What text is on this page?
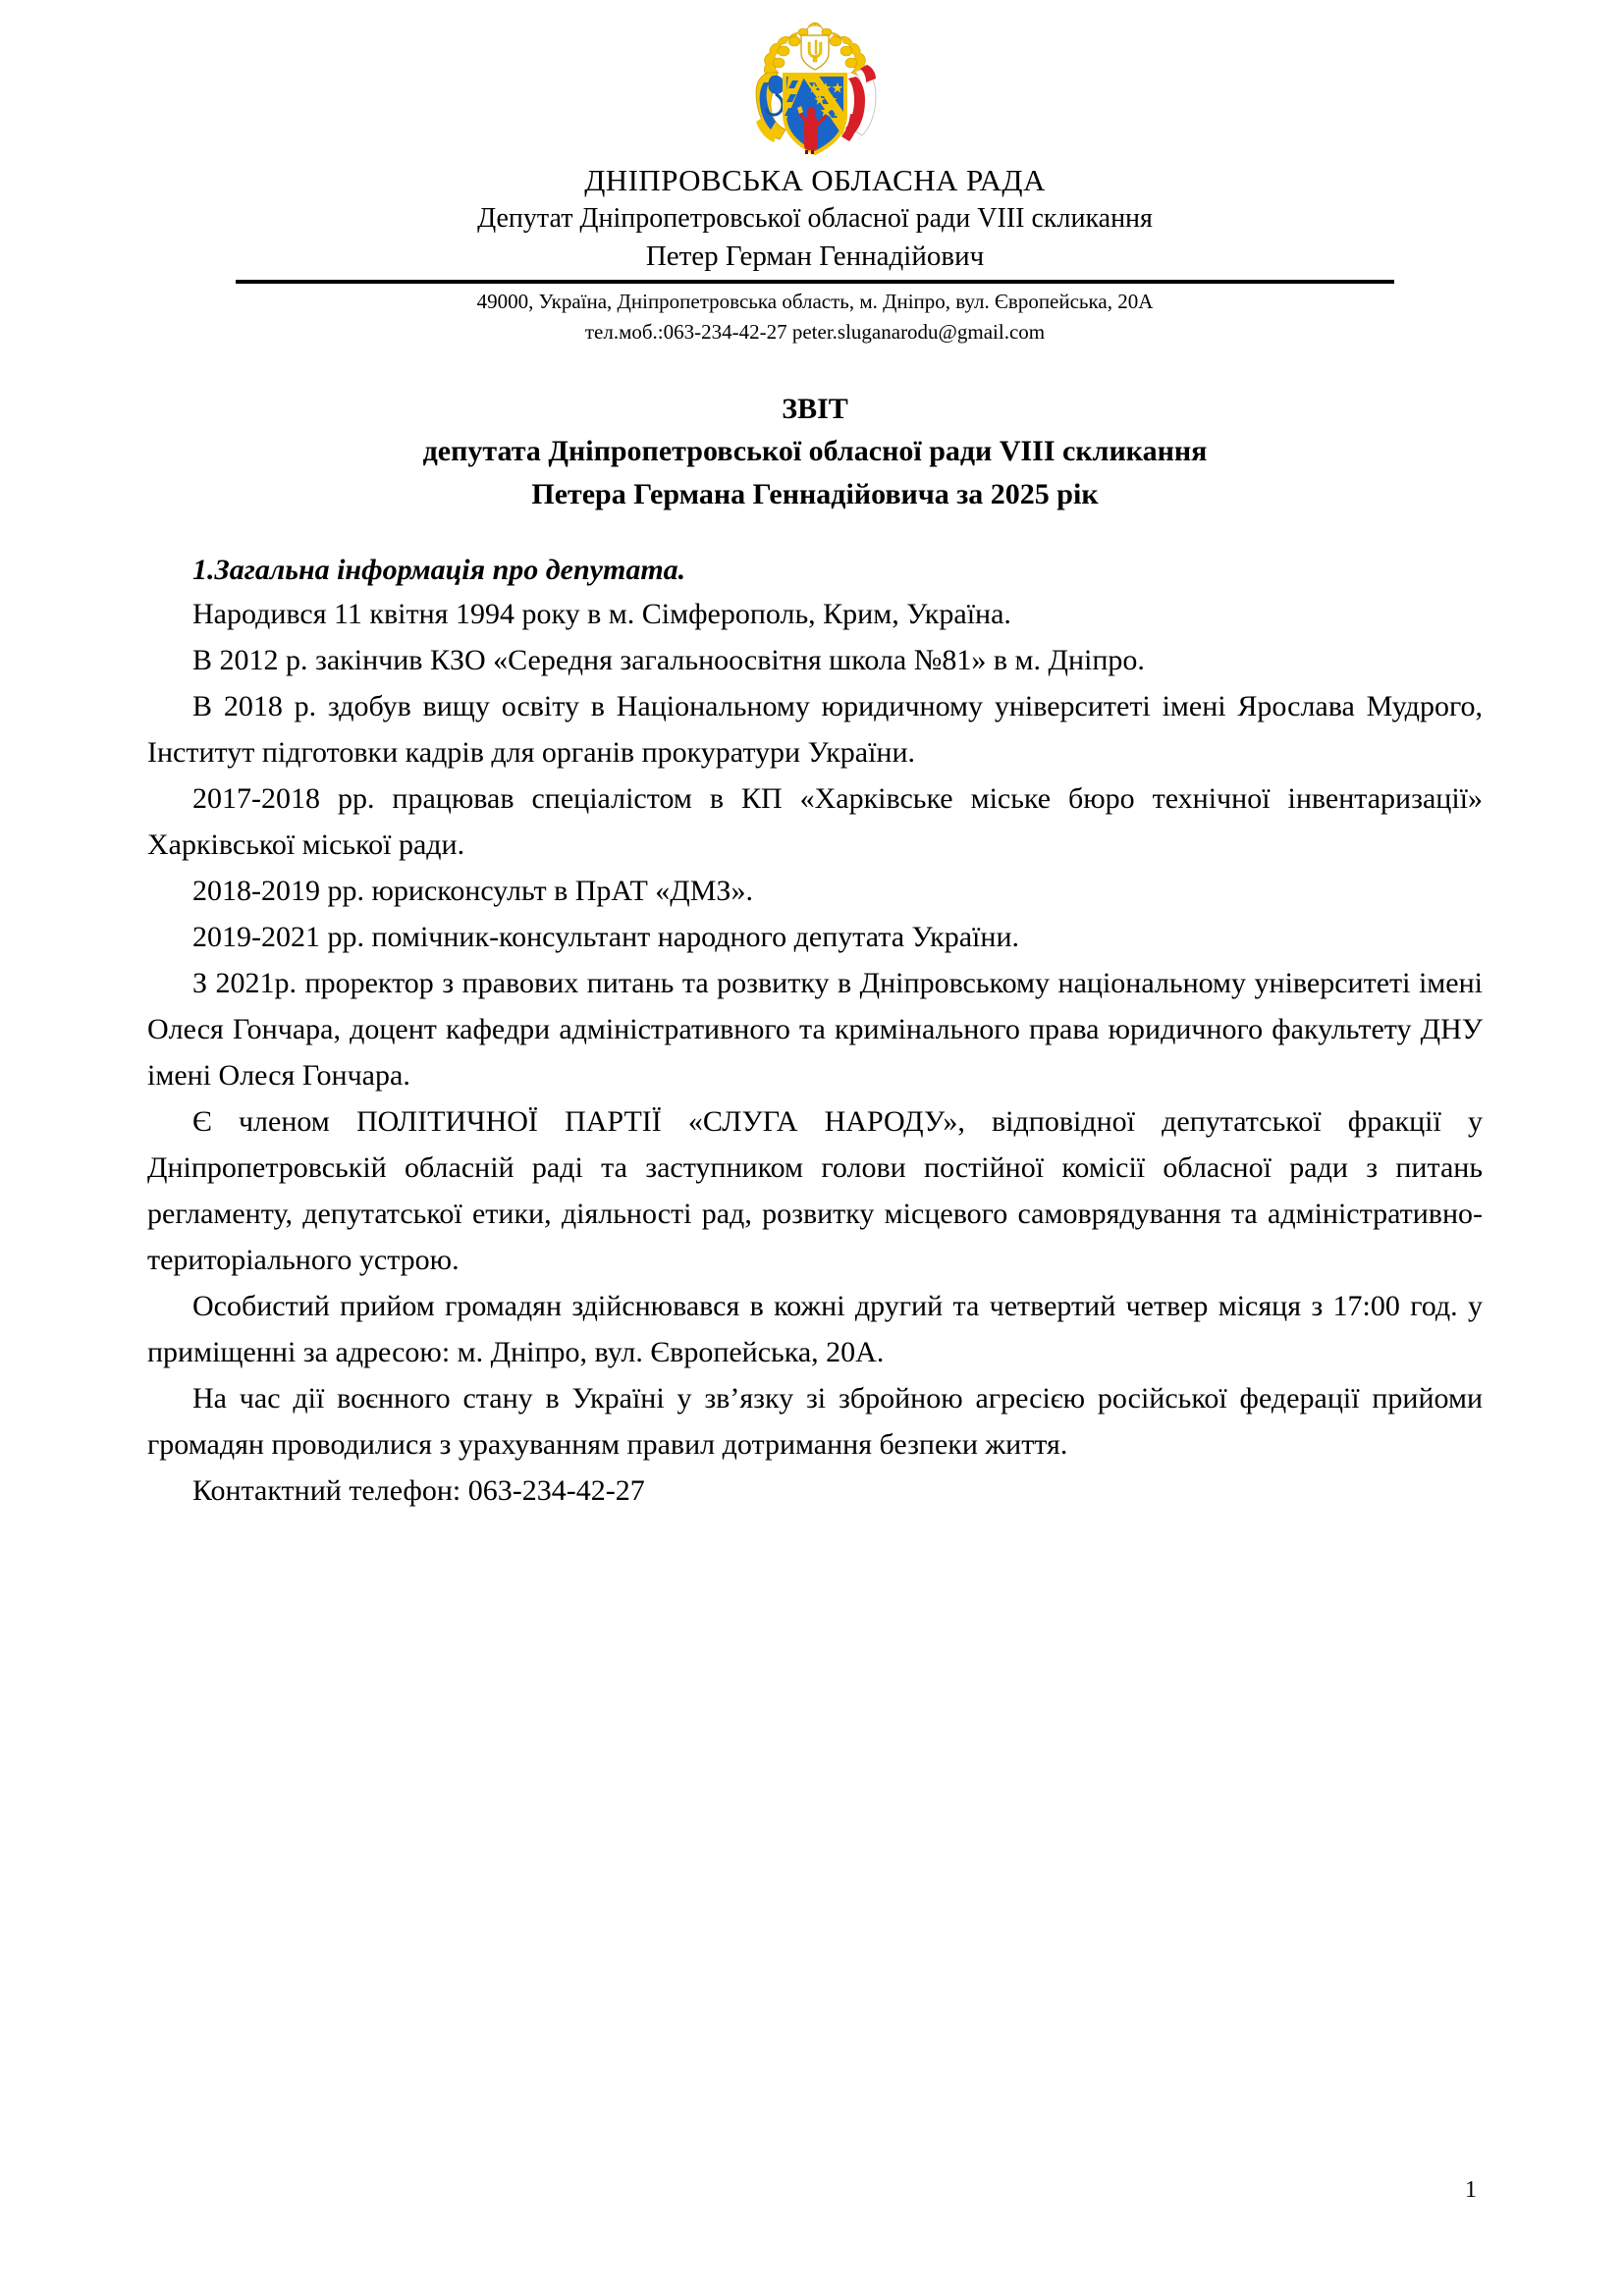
ДНІПРОВСЬКА ОБЛАСНА РАДА
Депутат Дніпропетровської обласної ради VIII скликання
Петер Герман Геннадійович
49000, Україна, Дніпропетровська область, м. Дніпро, вул. Європейська, 20А
тел.моб.:063-234-42-27 peter.sluganarodu@gmail.com
ЗВІТ
депутата Дніпропетровської обласної ради VIII скликання
Петера Германа Геннадійовича за 2025 рік
1.Загальна інформація про депутата.

Народився 11 квітня 1994 року в м. Сімферополь, Крим, Україна.

В 2012 р. закінчив КЗО «Середня загальноосвітня школа №81» в м. Дніпро.

В 2018 р. здобув вищу освіту в Національному юридичному університеті імені Ярослава Мудрого, Інститут підготовки кадрів для органів прокуратури України.

2017-2018 рр. працював спеціалістом в КП «Харківське міське бюро технічної інвентаризації» Харківської міської ради.

2018-2019 рр. юрисконсульт в ПрАТ «ДМЗ».

2019-2021 рр. помічник-консультант народного депутата України.

З 2021р. проректор з правових питань та розвитку в Дніпровському національному університеті імені Олеся Гончара, доцент кафедри адміністративного та кримінального права юридичного факультету ДНУ імені Олеся Гончара.

Є членом ПОЛІТИЧНОЇ ПАРТІЇ «СЛУГА НАРОДУ», відповідної депутатської фракції у Дніпропетровській обласній раді та заступником голови постійної комісії обласної ради з питань регламенту, депутатської етики, діяльності рад, розвитку місцевого самоврядування та адміністративно-територіального устрою.

Особистий прийом громадян здійснювався в кожні другий та четвертий четвер місяця з 17:00 год. у приміщенні за адресою: м. Дніпро, вул. Європейська, 20А.

На час дії воєнного стану в Україні у зв’язку зі збройною агресією російської федерації прийоми громадян проводилися з урахуванням правил дотримання безпеки життя.

Контактний телефон: 063-234-42-27

1
